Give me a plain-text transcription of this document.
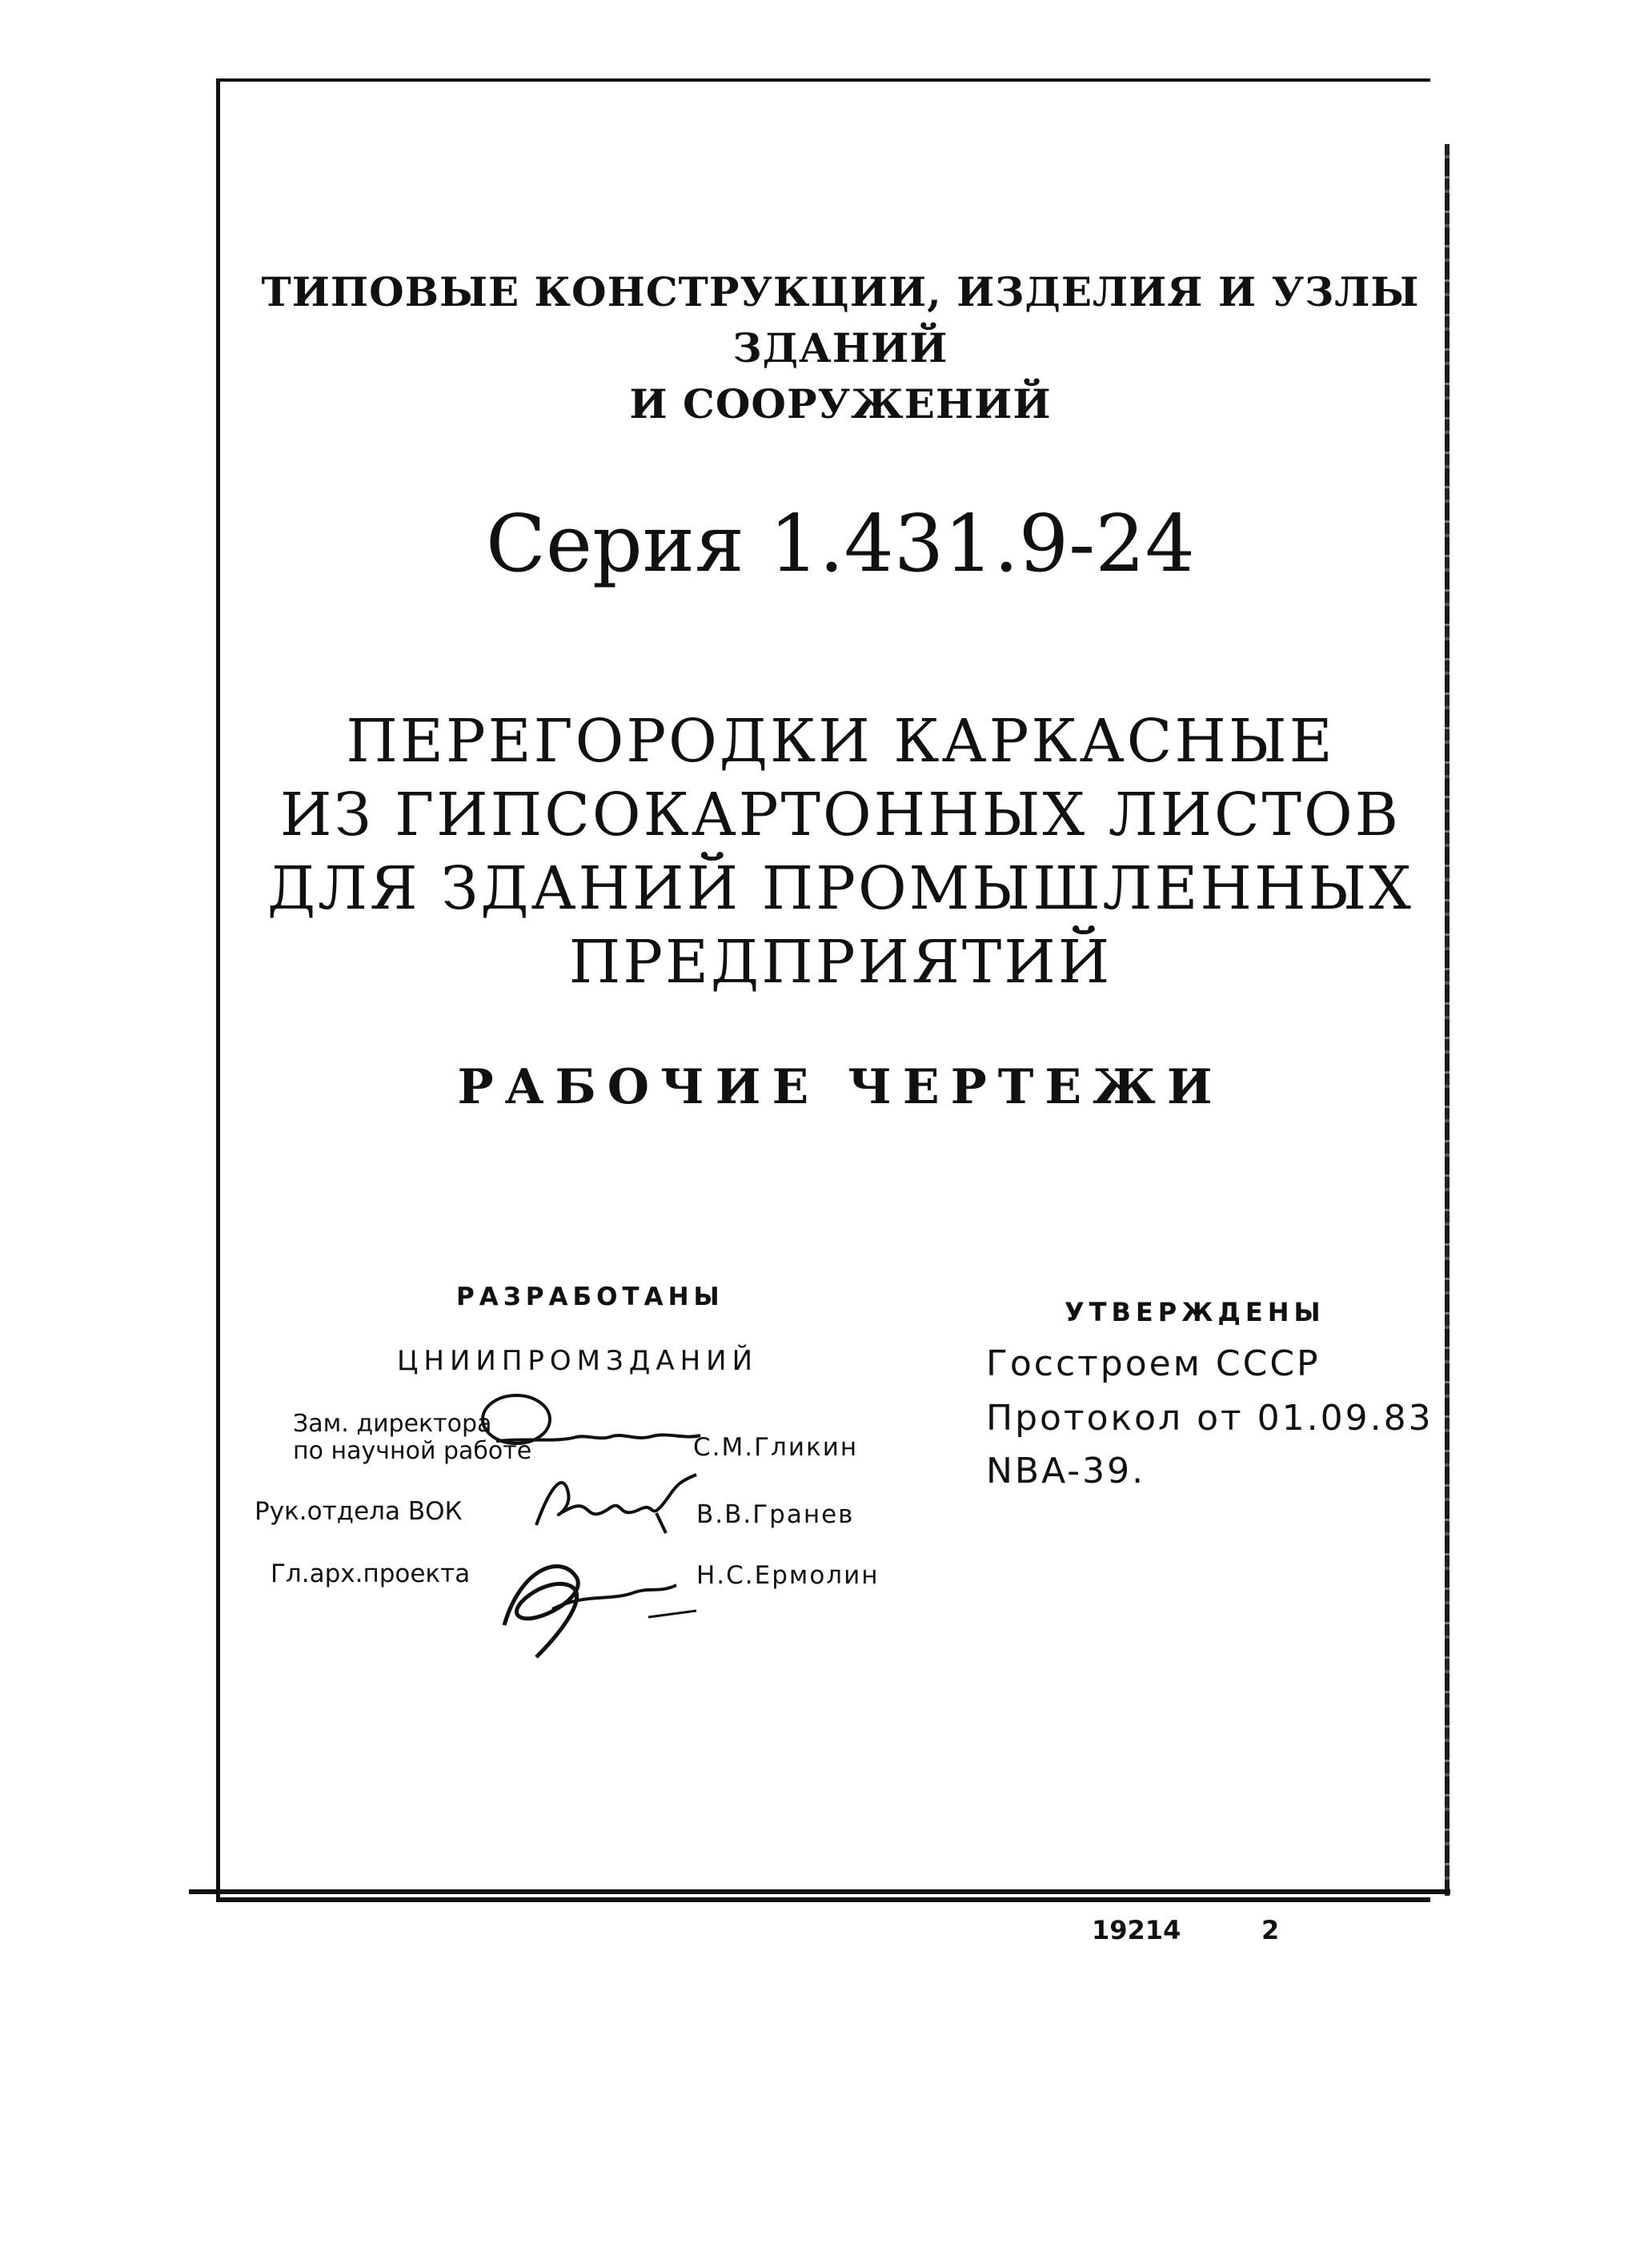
ТИПОВЫЕ КОНСТРУКЦИИ, ИЗДЕЛИЯ И УЗЛЫ ЗДАНИЙ
И СООРУЖЕНИЙ
Серия 1.431.9-24
ПЕРЕГОРОДКИ КАРКАСНЫЕ
ИЗ ГИПСОКАРТОННЫХ ЛИСТОВ
ДЛЯ ЗДАНИЙ ПРОМЫШЛЕННЫХ
ПРЕДПРИЯТИЙ
РАБОЧИЕ ЧЕРТЕЖИ
РАЗРАБОТАНЫ
ЦНИИПРОМЗДАНИЙ
Зам. директора
по научной работе	С.М.Гликин
Рук.отдела ВОК	В.В.Гранев
Гл.арх.проекта	Н.С.Ермолин
УТВЕРЖДЕНЫ
Госстроем СССР
Протокол от 01.09.83
NBA-39.
19214	2
